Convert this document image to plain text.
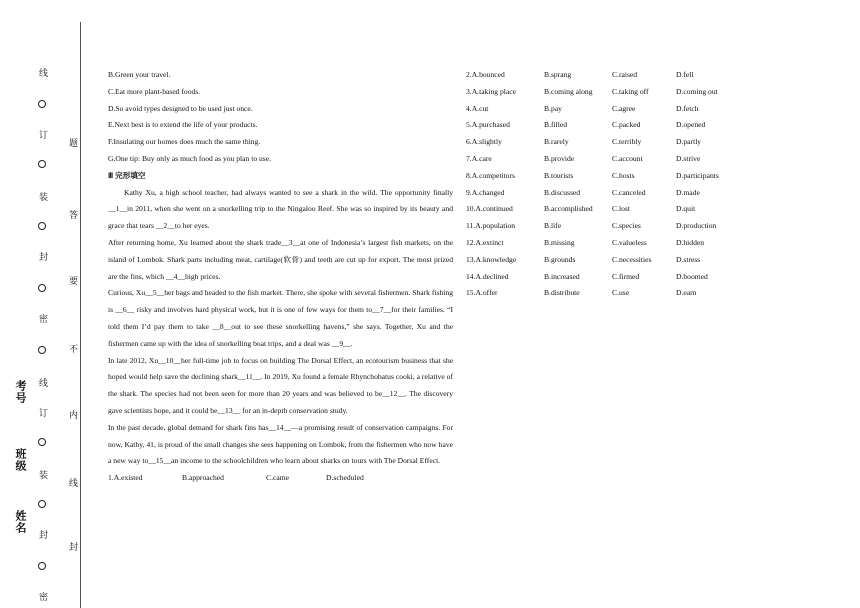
线
订
装
封
密
线
订
装
封
密
题
答
要
不
内
线
封
考号
班级
姓名

B.Green your travel.

C.Eat more plant-based foods.

D.So avoid types designed to be used just once.

E.Next best is to extend the life of your products.

F.Insulating our homes does much the same thing.

G.One tip: Buy only as much food as you plan to use.

Ⅲ 完形填空

Kathy Xu, a high school teacher, had always wanted to see a shark in the wild. The opportunity finally __1__in 2011, when she went on a snorkelling trip to the Ningaloo Reef. She was so inspired by its beauty and grace that tears __2__to her eyes.

After returning home, Xu learned about the shark trade__3__at one of Indonesia’s largest fish markets, on the island of Lombok. Shark parts including meat, cartilage(软骨) and teeth are cut up for export. The most prized are the fins, which __4__high prices.

Curious, Xu__5__her bags and headed to the fish market. There, she spoke with several fishermen. Shark fishing is __6__ risky and involves hard physical work, but it is one of few ways for them to__7__for their families. “I told them I’d pay them to take __8__out to see these snorkelling havens,” she says. Together, Xu and the fishermen came up with the idea of snorkelling boat trips, and a deal was __9__.

In late 2012, Xu__10__her full-time job to focus on building The Dorsal Effect, an ecotourism business that she hoped would help save the declining shark__11__. In 2019, Xu found a female Rhynchobatus cooki, a relative of the shark. The species had not been seen for more than 20 years and was believed to be__12__. The discovery gave scientists hope, and it could be__13__ for an in-depth conservation study.

In the past decade, global demand for shark fins has__14__—a promising result of conservation campaigns. For now, Kathy, 41, is proud of the small changes she sees happening on Lombok, from the fishermen who now have a new way to__15__an income to the schoolchildren who learn about sharks on tours with The Dorsal Effect.

1.A.existed	B.approached	C.came	D.scheduled
2.A.bounced	B.sprang	C.raised	D.fell
3.A.taking place	B.coming along	C.taking off	D.coming out
4.A.cut	B.pay	C.agree	D.fetch
5.A.purchased	B.filled	C.packed	D.opened
6.A.slightly	B.rarely	C.terribly	D.partly
7.A.care	B.provide	C.account	D.strive
8.A.competitors	B.tourists	C.hosts	D.participants
9.A.changed	B.discussed	C.canceled	D.made
10.A.continued	B.accomplished	C.lost	D.quit
11.A.population	B.life	C.species	D.production
12.A.extinct	B.missing	C.valueless	D.hidden
13.A.knowledge	B.grounds	C.necessities	D.stress
14.A.declined	B.increased	C.firmed	D.boomed
15.A.offer	B.distribute	C.use	D.earn
